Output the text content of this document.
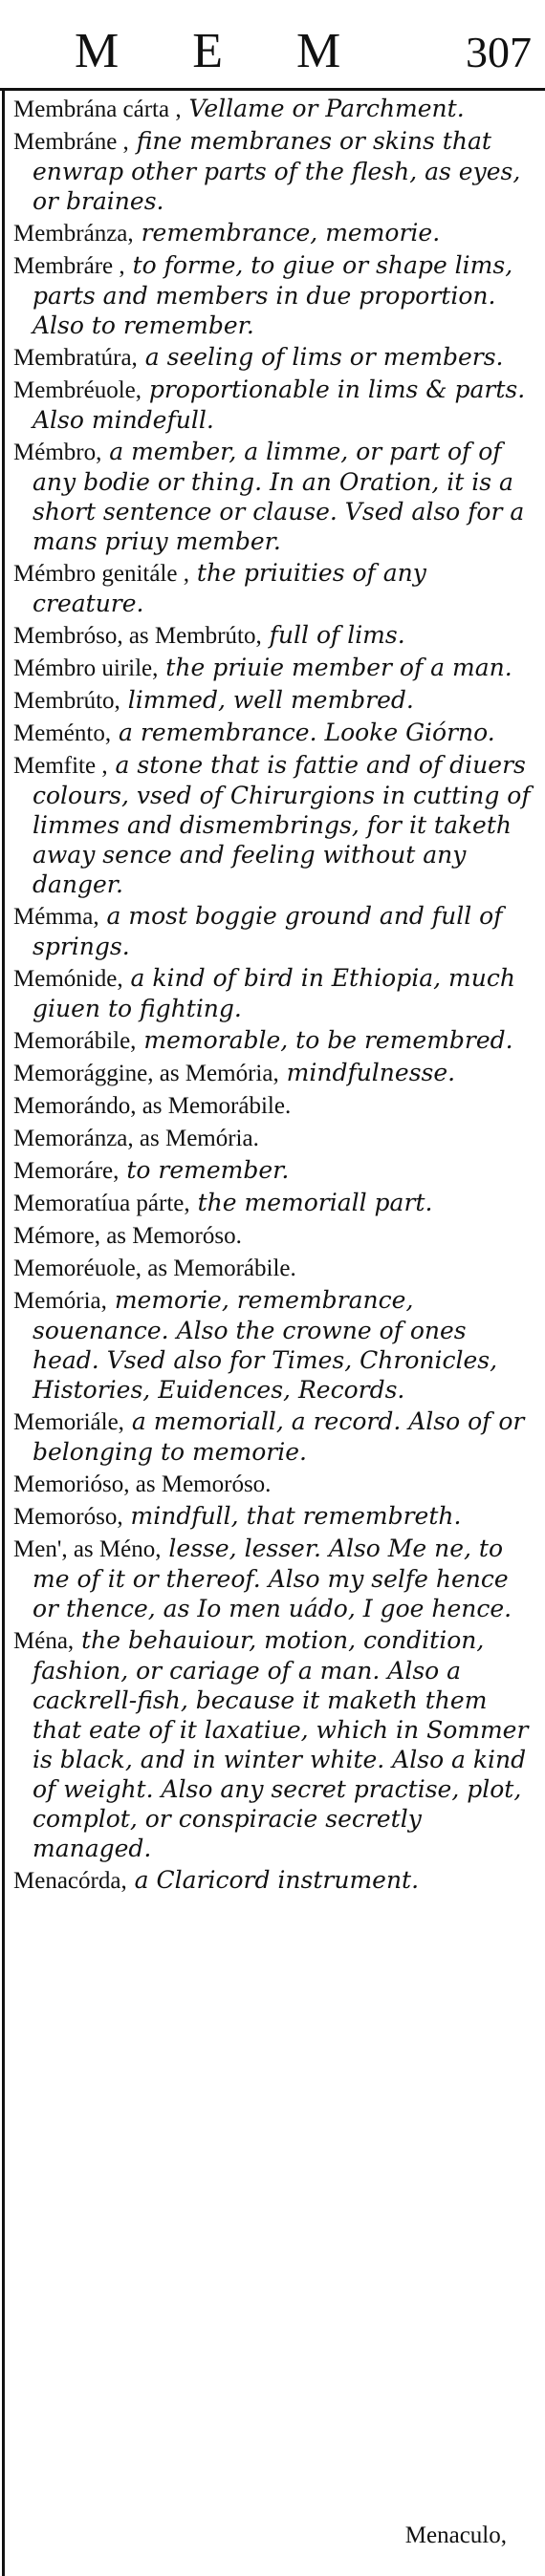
M E M 307
Membrána cárta , Vellame or Parchment.
Membráne , fine membranes or skins that enwrap other parts of the flesh, as eyes, or braines.
Membránza, remembrance, memorie.
Membráre , to forme, to giue or shape lims, parts and members in due proportion. Also to remember.
Membratúra, a seeling of lims or members.
Membréuole, proportionable in lims & parts. Also mindefull.
Mémbro, a member, a limme, or part of of any bodie or thing. In an Oration, it is a short sentence or clause. Vsed also for a mans priuy member.
Mémbro genitále , the priuities of any creature.
Membróso, as Membrúto, full of lims.
Mémbro uirile, the priuie member of a man.
Membrúto, limmed, well membred.
Meménto, a remembrance. Looke Giórno.
Memfite , a stone that is fattie and of diuers colours, vsed of Chirurgions in cutting of limmes and dismembrings, for it taketh away sence and feeling without any danger.
Mémma, a most boggie ground and full of springs.
Memónide, a kind of bird in Ethiopia, much giuen to fighting.
Memorábile, memorable, to be remembred.
Memorággine, as Memória, mindfulnesse.
Memorándo, as Memorábile.
Memoránza, as Memória.
Memoráre, to remember.
Memoratíua párte, the memoriall part.
Mémore, as Memoróso.
Memoréuole, as Memorábile.
Memória, memorie, remembrance, souenance. Also the crowne of ones head. Vsed also for Times, Chronicles, Histories, Euidences, Records.
Memoriále, a memoriall, a record. Also of or belonging to memorie.
Memorióso, as Memoróso.
Memoróso, mindfull, that remembreth.
Men', as Méno, lesse, lesser. Also Me ne, to me of it or thereof. Also my selfe hence or thence, as Io men uádo, I goe hence.
Ména, the behauiour, motion, condition, fashion, or cariage of a man. Also a cackrell-fish, because it maketh them that eate of it laxatiue, which in Sommer is black, and in winter white. Also a kind of weight. Also any secret practise, plot, complot, or conspiracie secretly managed.
Menacórda, a Claricord instrument.
Menaculo,
